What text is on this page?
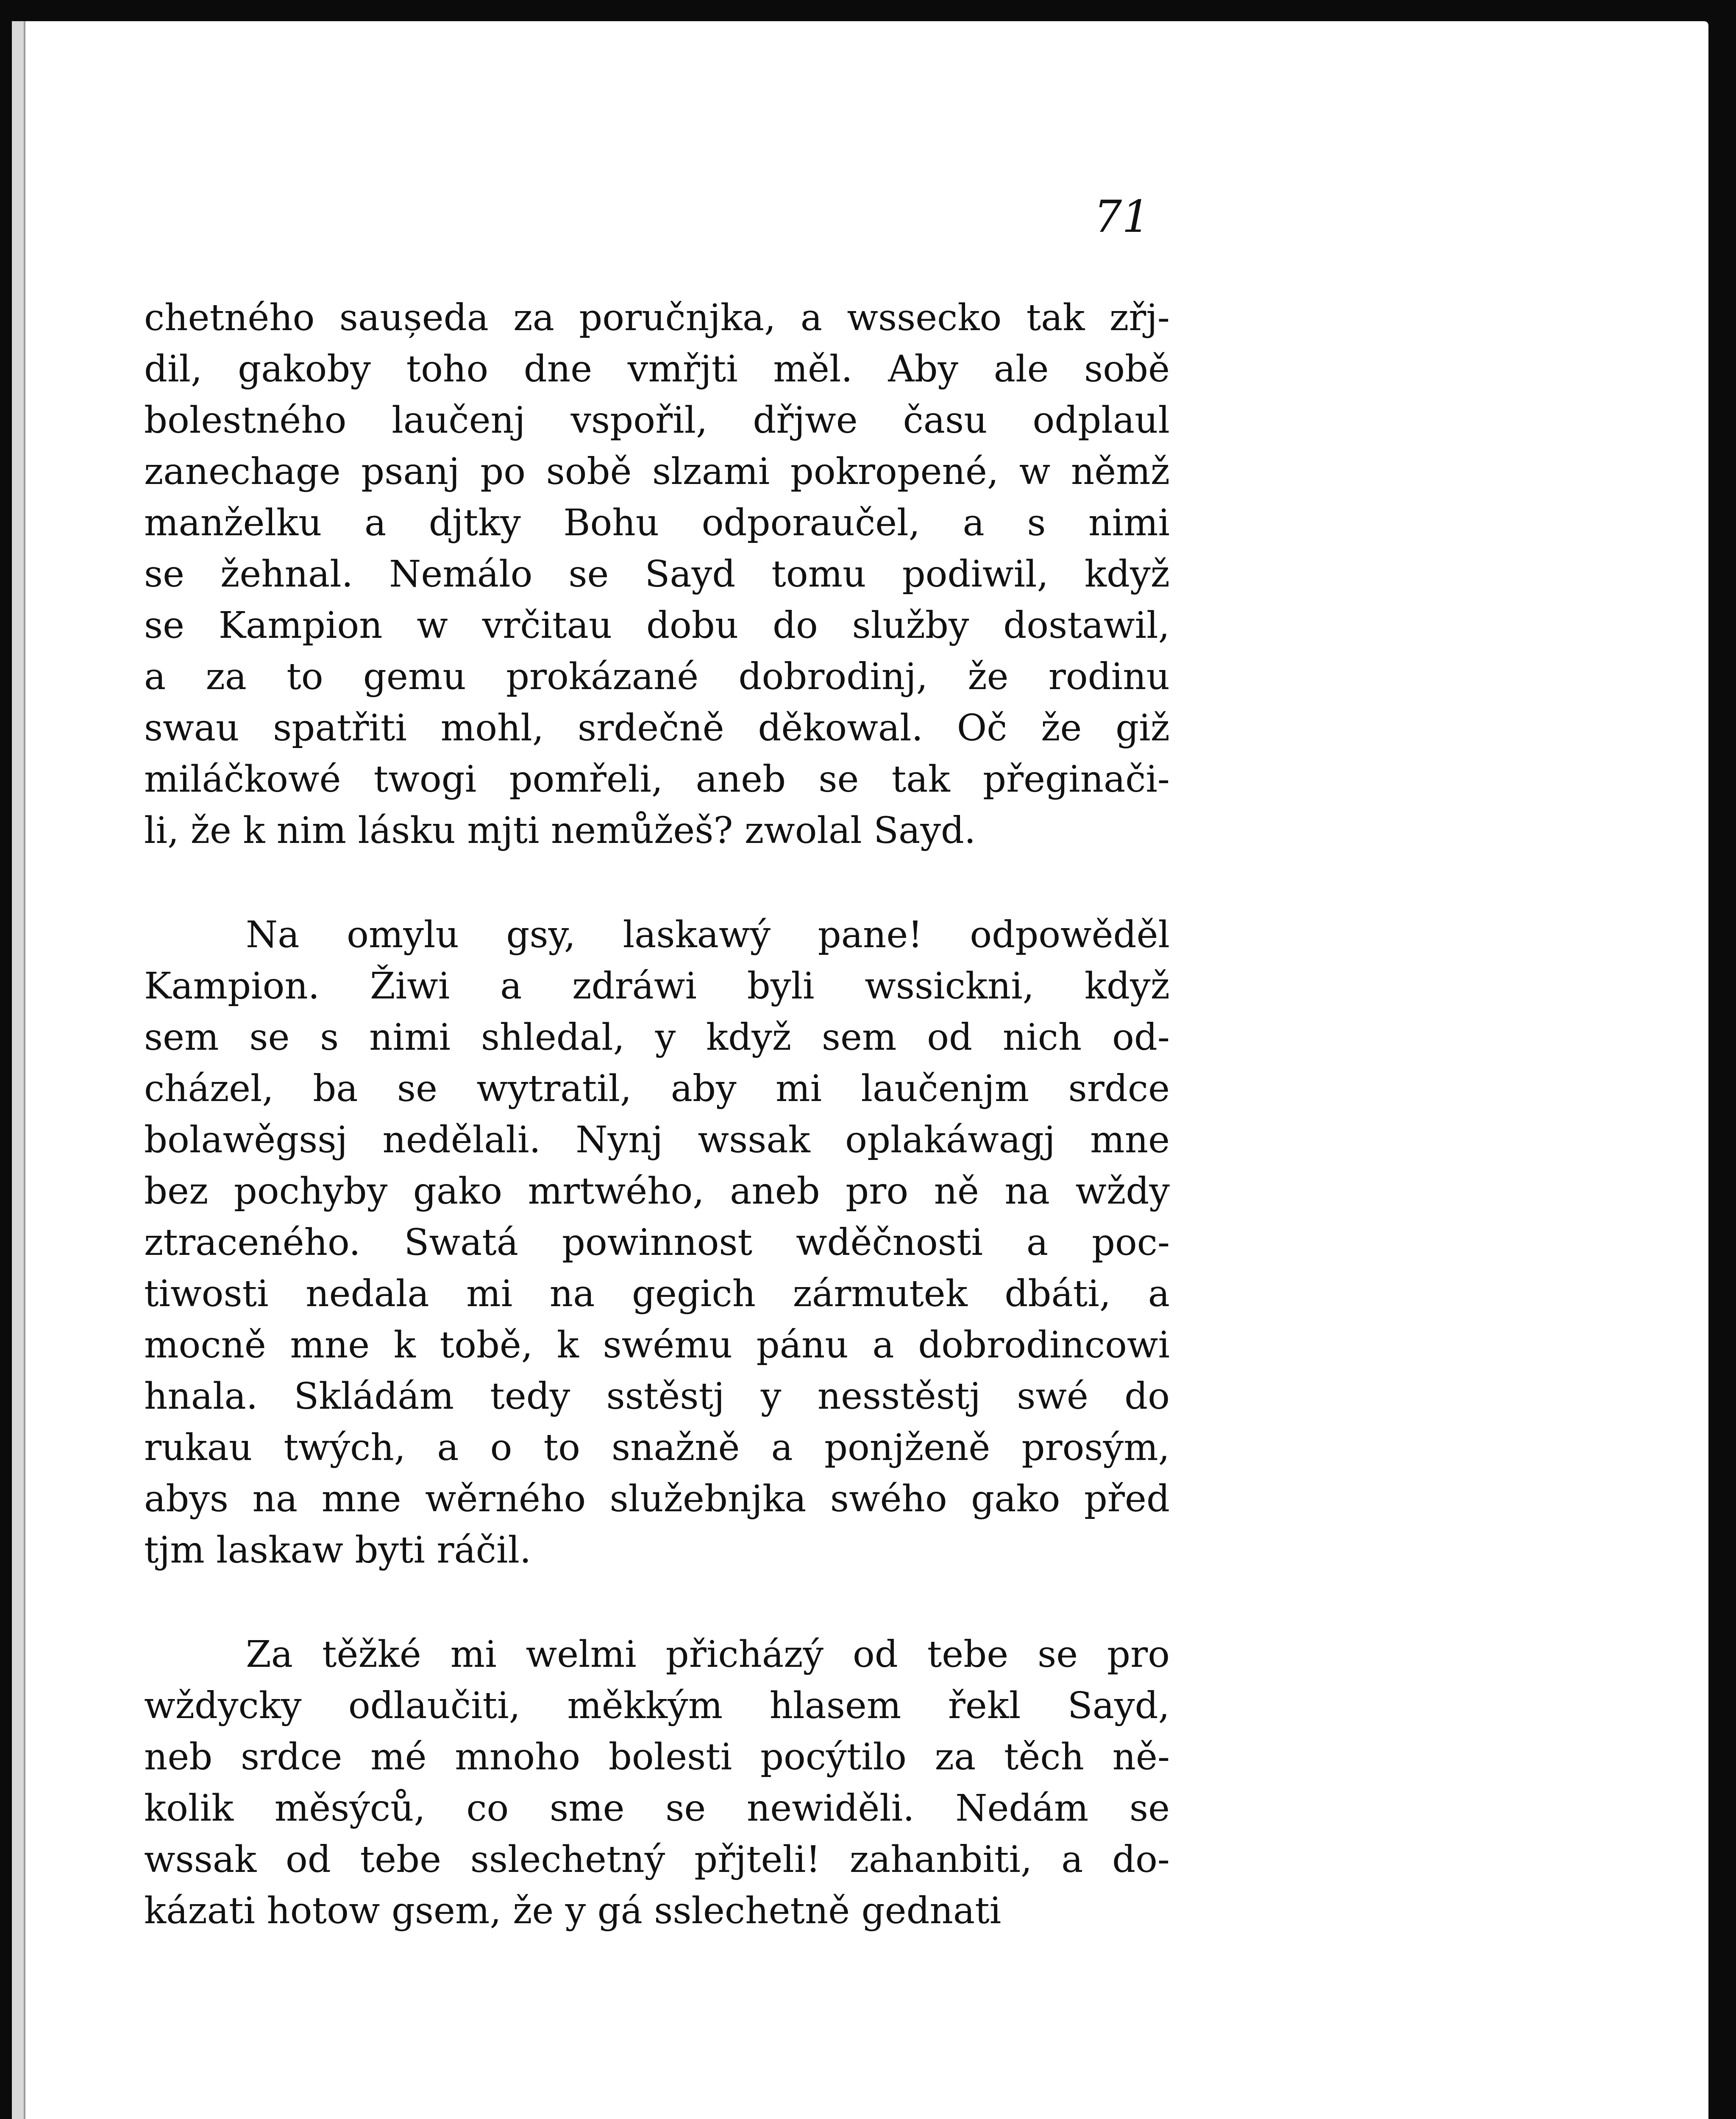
71
chetného sauședa za poručnjka, a wssecko tak zřj-
dil, gakoby toho dne vmřjti měl. Aby ale sobě
bolestného laučenj vspořil, dřjwe času odplaul
zanechage psanj po sobě slzami pokropené, w němž
manželku a djtky Bohu odporaučel, a s nimi
se žehnal. Nemálo se Sayd tomu podiwil, když
se Kampion w vrčitau dobu do služby dostawil,
a za to gemu prokázané dobrodinj, že rodinu
swau spatřiti mohl, srdečně děkowal. Oč že giž
miláčkowé twogi pomřeli, aneb se tak přeginači-
li, že k nim lásku mjti nemůžeš? zwolal Sayd.
Na omylu gsy, laskawý pane! odpowěděl
Kampion. Žiwi a zdráwi byli wssickni, když
sem se s nimi shledal, y když sem od nich od-
cházel, ba se wytratil, aby mi laučenjm srdce
bolawěgssj nedělali. Nynj wssak oplakáwagj mne
bez pochyby gako mrtwého, aneb pro ně na wždy
ztraceného. Swatá powinnost wděčnosti a poc-
tiwosti nedala mi na gegich zármutek dbáti, a
mocně mne k tobě, k swému pánu a dobrodincowi
hnala. Skládám tedy sstěstj y nesstěstj swé do
rukau twých, a o to snažně a ponjženě prosým,
abys na mne wěrného služebnjka swého gako před
tjm laskaw byti ráčil.
Za těžké mi welmi přicházý od tebe se pro
wždycky odlaučiti, měkkým hlasem řekl Sayd,
neb srdce mé mnoho bolesti pocýtilo za těch ně-
kolik měsýců, co sme se newiděli. Nedám se
wssak od tebe sslechetný přjteli! zahanbiti, a do-
kázati hotow gsem, že y gá sslechetně gednati
